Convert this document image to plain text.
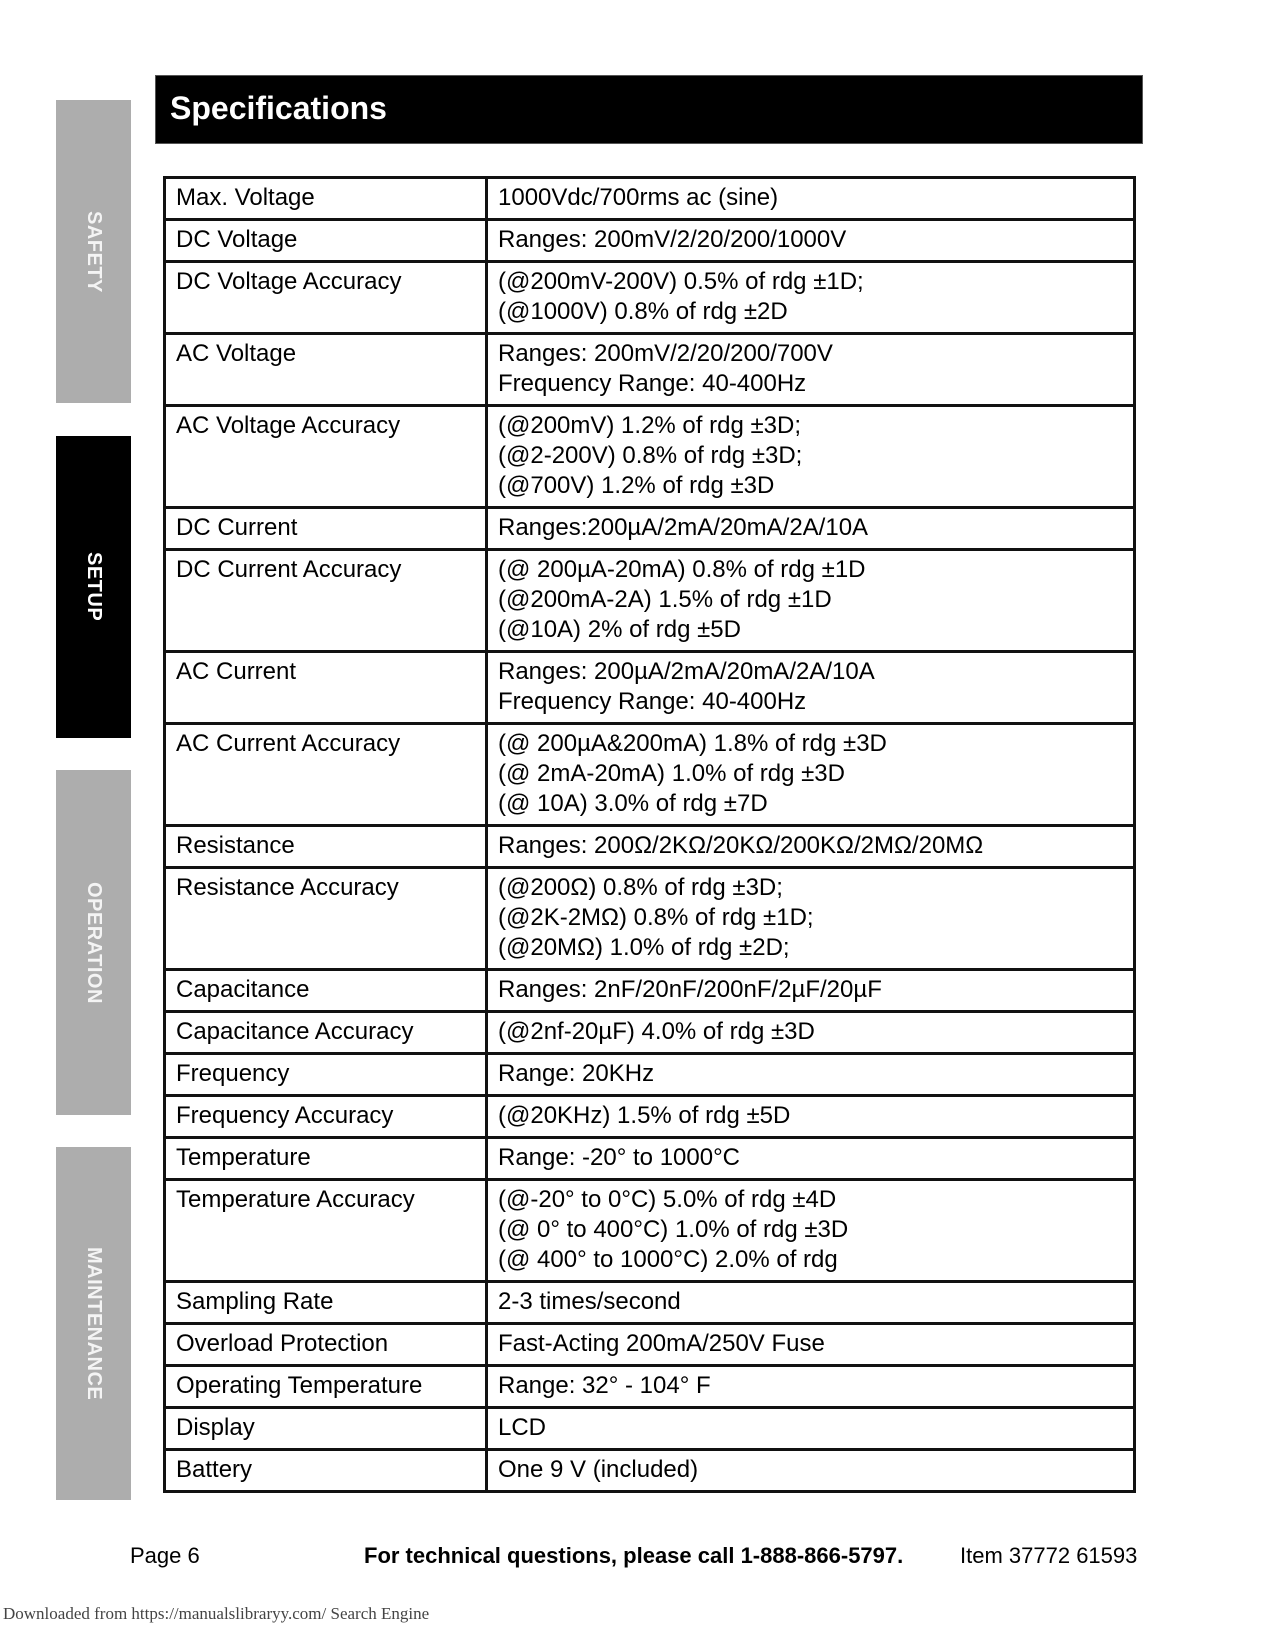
SAFETY
SETUP
OPERATION
MAINTENANCE
Specifications
Max. Voltage	1000Vdc/700rms ac (sine)

DC Voltage	Ranges: 200mV/2/20/200/1000V

DC Voltage Accuracy	(@200mV-200V) 0.5% of rdg ±1D;
(@1000V) 0.8% of rdg ±2D

AC Voltage	Ranges: 200mV/2/20/200/700V
Frequency Range: 40-400Hz

AC Voltage Accuracy	(@200mV) 1.2% of rdg ±3D;
(@2-200V) 0.8% of rdg ±3D;
(@700V) 1.2% of rdg ±3D

DC Current	Ranges:200µA/2mA/20mA/2A/10A

DC Current Accuracy	(@ 200µA-20mA) 0.8% of rdg ±1D
(@200mA-2A) 1.5% of rdg ±1D
(@10A) 2% of rdg ±5D

AC Current	Ranges: 200µA/2mA/20mA/2A/10A
Frequency Range: 40-400Hz

AC Current Accuracy	(@ 200µA&200mA) 1.8% of rdg ±3D
(@ 2mA-20mA) 1.0% of rdg ±3D
(@ 10A) 3.0% of rdg ±7D

Resistance	Ranges: 200Ω/2KΩ/20KΩ/200KΩ/2MΩ/20MΩ

Resistance Accuracy	(@200Ω) 0.8% of rdg ±3D;
(@2K-2MΩ) 0.8% of rdg ±1D;
(@20MΩ) 1.0% of rdg ±2D;

Capacitance	Ranges: 2nF/20nF/200nF/2µF/20µF

Capacitance Accuracy	(@2nf-20µF) 4.0% of rdg ±3D

Frequency	Range: 20KHz

Frequency Accuracy	(@20KHz) 1.5% of rdg ±5D

Temperature	Range: -20° to 1000°C

Temperature Accuracy	(@-20° to 0°C) 5.0% of rdg ±4D
(@ 0° to 400°C) 1.0% of rdg ±3D
(@ 400° to 1000°C) 2.0% of rdg

Sampling Rate	2-3 times/second

Overload Protection	Fast-Acting 200mA/250V Fuse

Operating Temperature	Range: 32° - 104° F

Display	LCD

Battery	One 9 V (included)
Page 6	For technical questions, please call 1-888-866-5797.	Item 37772 61593
Downloaded from https://manualslibraryy.com/ Search Engine
